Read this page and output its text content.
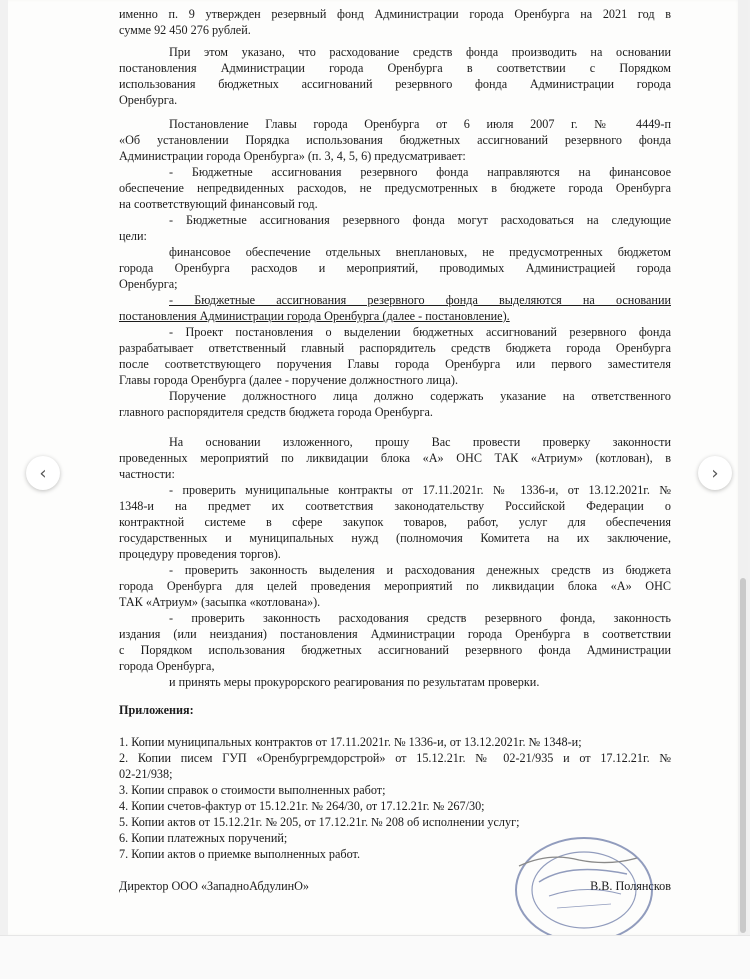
именно п. 9 утвержден резервный фонд Администрации города Оренбурга на 2021 год в
сумме 92 450 276 рублей.
При этом указано, что расходование средств фонда производить на основании
постановления Администрации города Оренбурга в соответствии с Порядком
использования бюджетных ассигнований резервного фонда Администрации города
Оренбурга.
Постановление Главы города Оренбурга от 6 июля 2007 г. № 4449-п
«Об установлении Порядка использования бюджетных ассигнований резервного фонда
Администрации города Оренбурга» (п. 3, 4, 5, 6) предусматривает:
- Бюджетные ассигнования резервного фонда направляются на финансовое
обеспечение непредвиденных расходов, не предусмотренных в бюджете города Оренбурга
на соответствующий финансовый год.
- Бюджетные ассигнования резервного фонда могут расходоваться на следующие
цели:
финансовое обеспечение отдельных внеплановых, не предусмотренных бюджетом
города Оренбурга расходов и мероприятий, проводимых Администрацией города
Оренбурга;
- Бюджетные ассигнования резервного фонда выделяются на основании
постановления Администрации города Оренбурга (далее - постановление).
- Проект постановления о выделении бюджетных ассигнований резервного фонда
разрабатывает ответственный главный распорядитель средств бюджета города Оренбурга
после соответствующего поручения Главы города Оренбурга или первого заместителя
Главы города Оренбурга (далее - поручение должностного лица).
Поручение должностного лица должно содержать указание на ответственного
главного распорядителя средств бюджета города Оренбурга.
На основании изложенного, прошу Вас провести проверку законности
проведенных мероприятий по ликвидации блока «А» ОНС ТАК «Атриум» (котлован), в
частности:
- проверить муниципальные контракты от 17.11.2021г. № 1336-и, от 13.12.2021г. №
1348-и на предмет их соответствия законодательству Российской Федерации о
контрактной системе в сфере закупок товаров, работ, услуг для обеспечения
государственных и муниципальных нужд (полномочия Комитета на их заключение,
процедуру проведения торгов).
- проверить законность выделения и расходования денежных средств из бюджета
города Оренбурга для целей проведения мероприятий по ликвидации блока «А» ОНС
ТАК «Атриум» (засыпка «котлована»).
- проверить законность расходования средств резервного фонда, законность
издания (или неиздания) постановления Администрации города Оренбурга в соответствии
с Порядком использования бюджетных ассигнований резервного фонда Администрации
города Оренбурга,
и принять меры прокурорского реагирования по результатам проверки.
Приложения:
1. Копии муниципальных контрактов от 17.11.2021г. № 1336-и, от 13.12.2021г. № 1348-и;
2. Копии писем ГУП «Оренбургремдорстрой» от 15.12.21г. № 02-21/935 и от 17.12.21г. №
02-21/938;
3. Копии справок о стоимости выполненных работ;
4. Копии счетов-фактур от 15.12.21г. № 264/30, от 17.12.21г. № 267/30;
5. Копии актов от 15.12.21г. № 205, от 17.12.21г. № 208 об исполнении услуг;
6. Копии платежных поручений;
7. Копии актов о приемке выполненных работ.
Директор ООО «ЗападноАбдулинО»	В.В. Полянсков
‹	›
